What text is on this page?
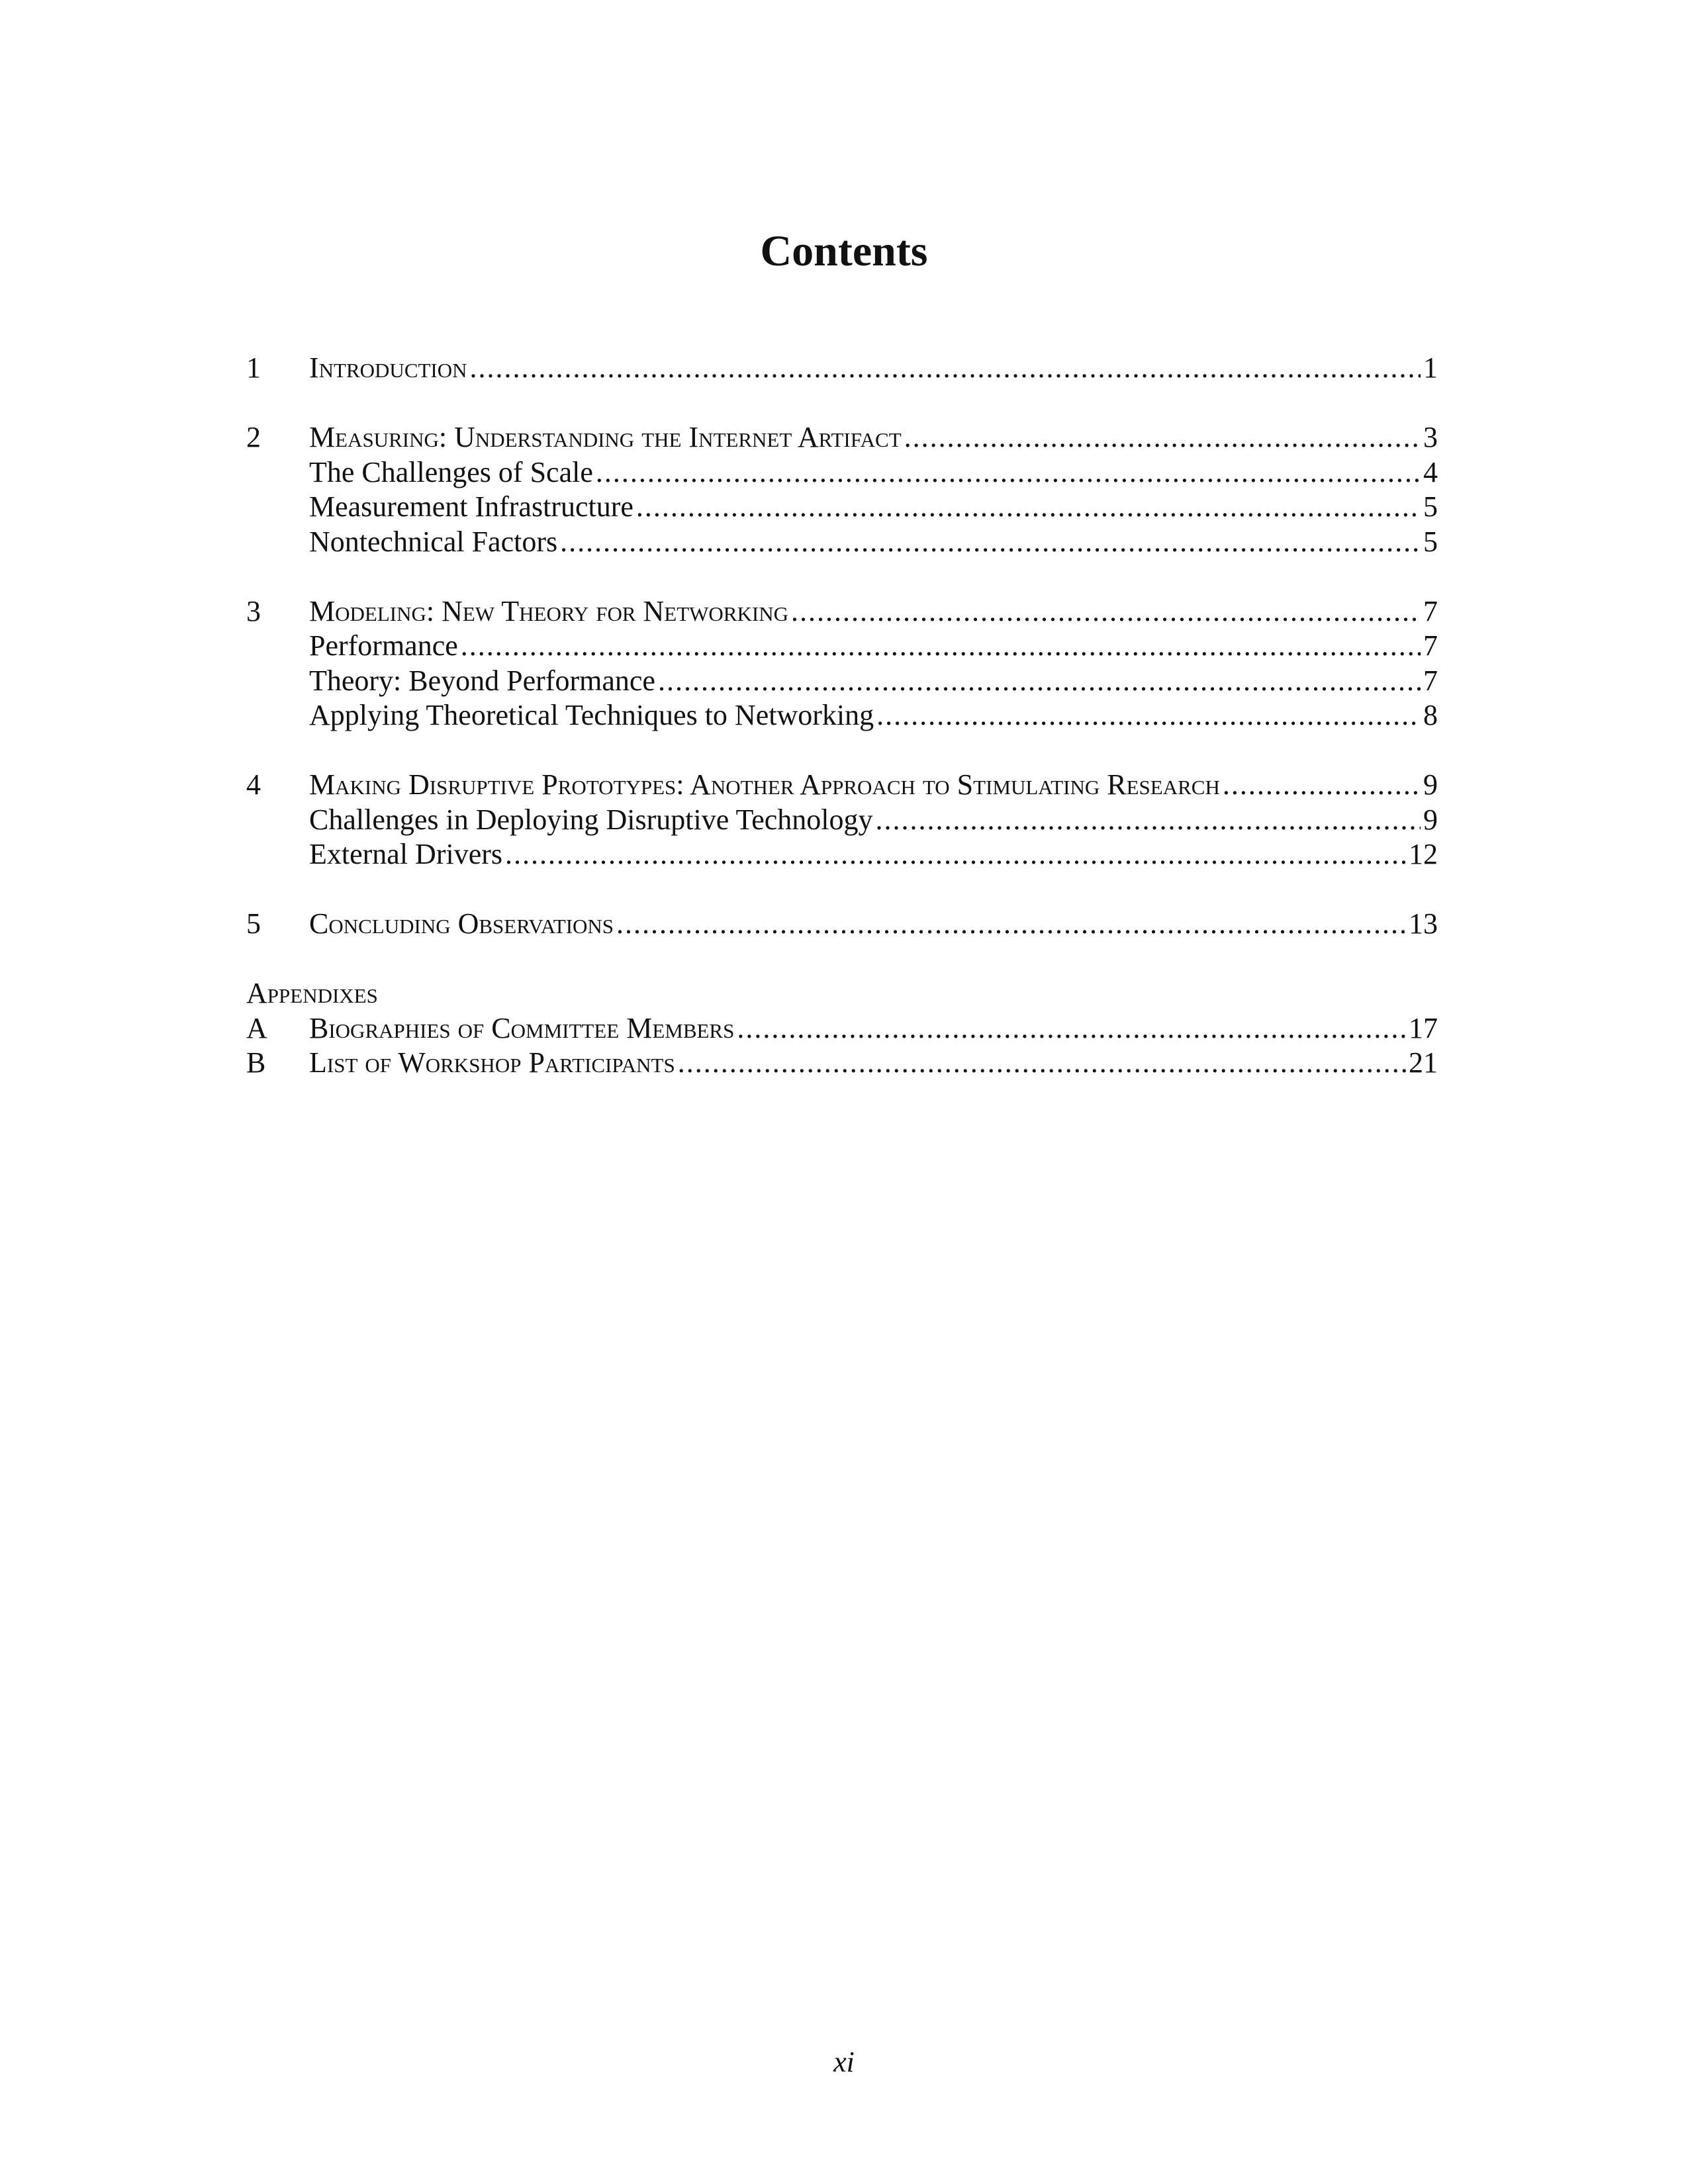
Contents
1	Introduction .....	1
2	Measuring: Understanding the Internet Artifact .....	3
The Challenges of Scale .....	4
Measurement Infrastructure .....	5
Nontechnical Factors .....	5
3	Modeling: New Theory for Networking .....	7
Performance .....	7
Theory: Beyond Performance .....	7
Applying Theoretical Techniques to Networking .....	8
4	Making Disruptive Prototypes: Another Approach to Stimulating Research .....	9
Challenges in Deploying Disruptive Technology .....	9
External Drivers .....	12
5	Concluding Observations .....	13
Appendixes
A	Biographies of Committee Members .....	17
B	List of Workshop Participants .....	21
xi
